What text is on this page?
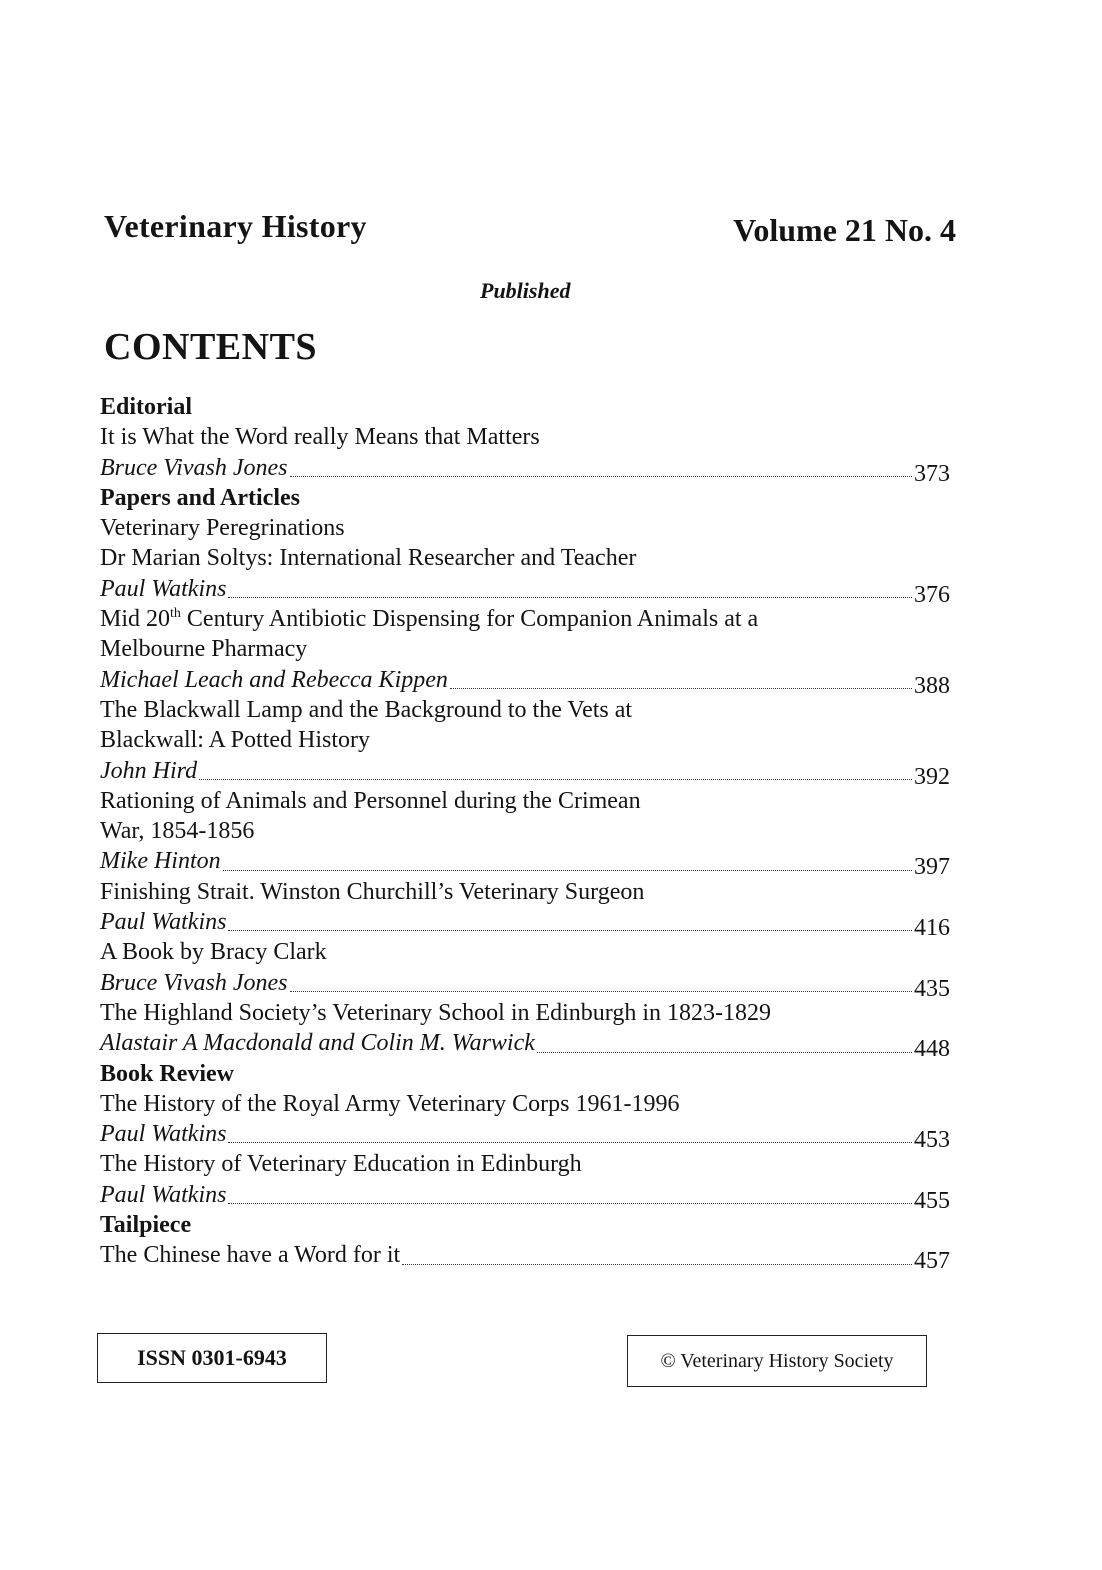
Veterinary History	Volume 21 No. 4
Published
CONTENTS
Editorial
It is What the Word really Means that Matters
Bruce Vivash Jones	373
Papers and Articles
Veterinary Peregrinations
Dr Marian Soltys: International Researcher and Teacher
Paul Watkins	376
Mid 20th Century Antibiotic Dispensing for Companion Animals at a
Melbourne Pharmacy
Michael Leach and Rebecca Kippen	388
The Blackwall Lamp and the Background to the Vets at
Blackwall: A Potted History
John Hird	392
Rationing of Animals and Personnel during the Crimean
War, 1854-1856
Mike Hinton	397
Finishing Strait. Winston Churchill’s Veterinary Surgeon
Paul Watkins	416
A Book by Bracy Clark
Bruce Vivash Jones	435
The Highland Society’s Veterinary School in Edinburgh in 1823-1829
Alastair A Macdonald and Colin M. Warwick	448
Book Review
The History of the Royal Army Veterinary Corps 1961-1996
Paul Watkins	453
The History of Veterinary Education in Edinburgh
Paul Watkins	455
Tailpiece
The Chinese have a Word for it	457
ISSN 0301-6943	© Veterinary History Society
